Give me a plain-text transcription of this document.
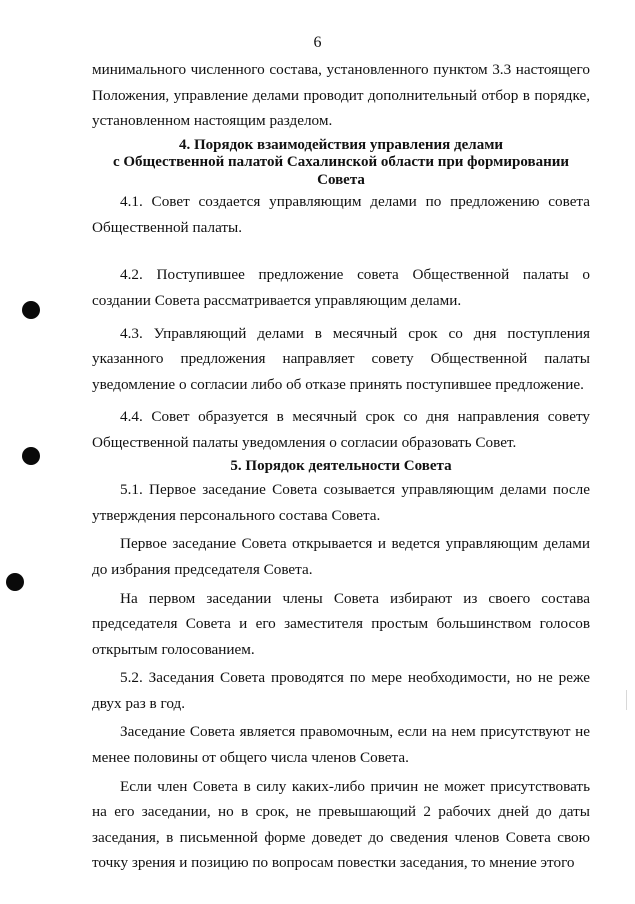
6

минимального численного состава, установленного пунктом 3.3 настоящего Положения, управление делами проводит дополнительный отбор в порядке, установленном настоящим разделом.

4. Порядок взаимодействия управления делами
с Общественной палатой Сахалинской области при формировании
Совета

4.1. Совет создается управляющим делами по предложению совета Общественной палаты.

4.2. Поступившее предложение совета Общественной палаты о создании Совета рассматривается управляющим делами.

4.3. Управляющий делами в месячный срок со дня поступления указанного предложения направляет совету Общественной палаты уведомление о согласии либо об отказе принять поступившее предложение.

4.4. Совет образуется в месячный срок со дня направления совету Общественной палаты уведомления о согласии образовать Совет.

5. Порядок деятельности Совета

5.1. Первое заседание Совета созывается управляющим делами после утверждения персонального состава Совета.

Первое заседание Совета открывается и ведется управляющим делами до избрания председателя Совета.

На первом заседании члены Совета избирают из своего состава председателя Совета и его заместителя простым большинством голосов открытым голосованием.

5.2. Заседания Совета проводятся по мере необходимости, но не реже двух раз в год.

Заседание Совета является правомочным, если на нем присутствуют не менее половины от общего числа членов Совета.

Если член Совета в силу каких-либо причин не может присутствовать на его заседании, но в срок, не превышающий 2 рабочих дней до даты заседания, в письменной форме доведет до сведения членов Совета свою точку зрения и позицию по вопросам повестки заседания, то мнение этого
